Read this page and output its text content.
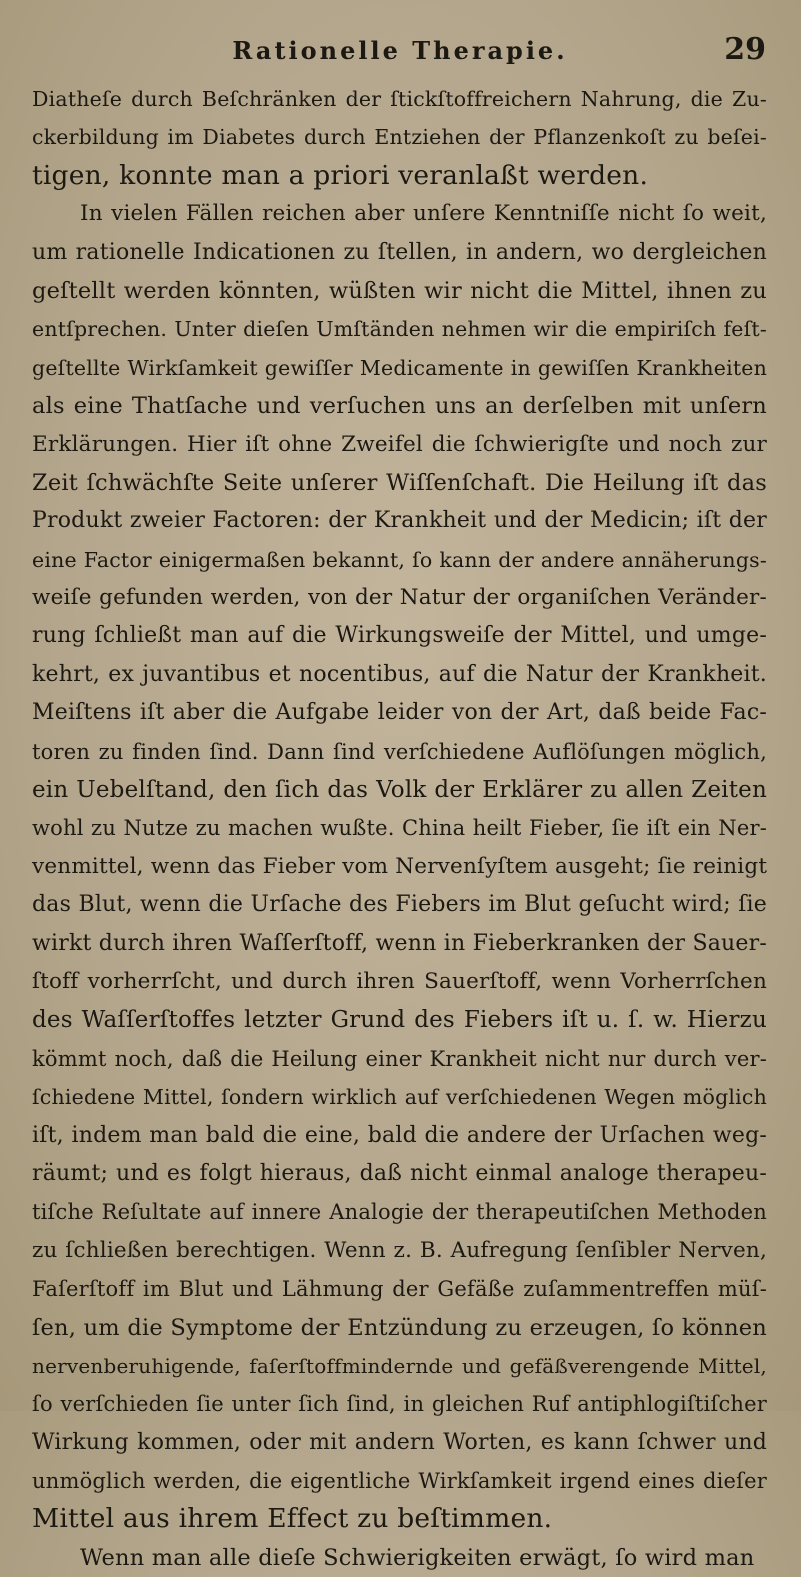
Rationelle Therapie.	29
Diatheſe durch Beſchränken der ſtickſtoffreichern Nahrung, die Zu-
ckerbildung im Diabetes durch Entziehen der Pflanzenkoſt zu beſei-
tigen, konnte man a priori veranlaßt werden.
In vielen Fällen reichen aber unſere Kenntniſſe nicht ſo weit,
um rationelle Indicationen zu ſtellen, in andern, wo dergleichen
geſtellt werden könnten, wüßten wir nicht die Mittel, ihnen zu
entſprechen. Unter dieſen Umſtänden nehmen wir die empiriſch feſt-
geſtellte Wirkſamkeit gewiſſer Medicamente in gewiſſen Krankheiten
als eine Thatſache und verſuchen uns an derſelben mit unſern
Erklärungen. Hier iſt ohne Zweifel die ſchwierigſte und noch zur
Zeit ſchwächſte Seite unſerer Wiſſenſchaft. Die Heilung iſt das
Produkt zweier Factoren: der Krankheit und der Medicin; iſt der
eine Factor einigermaßen bekannt, ſo kann der andere annäherungs-
weiſe gefunden werden, von der Natur der organiſchen Veränder-
rung ſchließt man auf die Wirkungsweiſe der Mittel, und umge-
kehrt, ex juvantibus et nocentibus, auf die Natur der Krankheit.
Meiſtens iſt aber die Aufgabe leider von der Art, daß beide Fac-
toren zu finden ſind. Dann ſind verſchiedene Auflöſungen möglich,
ein Uebelſtand, den ſich das Volk der Erklärer zu allen Zeiten
wohl zu Nutze zu machen wußte. China heilt Fieber, ſie iſt ein Ner-
venmittel, wenn das Fieber vom Nervenſyſtem ausgeht; ſie reinigt
das Blut, wenn die Urſache des Fiebers im Blut geſucht wird; ſie
wirkt durch ihren Waſſerſtoff, wenn in Fieberkranken der Sauer-
ſtoff vorherrſcht, und durch ihren Sauerſtoff, wenn Vorherrſchen
des Waſſerſtoffes letzter Grund des Fiebers iſt u. ſ. w. Hierzu
kömmt noch, daß die Heilung einer Krankheit nicht nur durch ver-
ſchiedene Mittel, ſondern wirklich auf verſchiedenen Wegen möglich
iſt, indem man bald die eine, bald die andere der Urſachen weg-
räumt; und es folgt hieraus, daß nicht einmal analoge therapeu-
tiſche Reſultate auf innere Analogie der therapeutiſchen Methoden
zu ſchließen berechtigen. Wenn z. B. Aufregung ſenſibler Nerven,
Faſerſtoff im Blut und Lähmung der Gefäße zuſammentreffen müſ-
ſen, um die Symptome der Entzündung zu erzeugen, ſo können
nervenberuhigende, faſerſtoffmindernde und gefäßverengende Mittel,
ſo verſchieden ſie unter ſich ſind, in gleichen Ruf antiphlogiſtiſcher
Wirkung kommen, oder mit andern Worten, es kann ſchwer und
unmöglich werden, die eigentliche Wirkſamkeit irgend eines dieſer
Mittel aus ihrem Effect zu beſtimmen.
Wenn man alle dieſe Schwierigkeiten erwägt, ſo wird man
